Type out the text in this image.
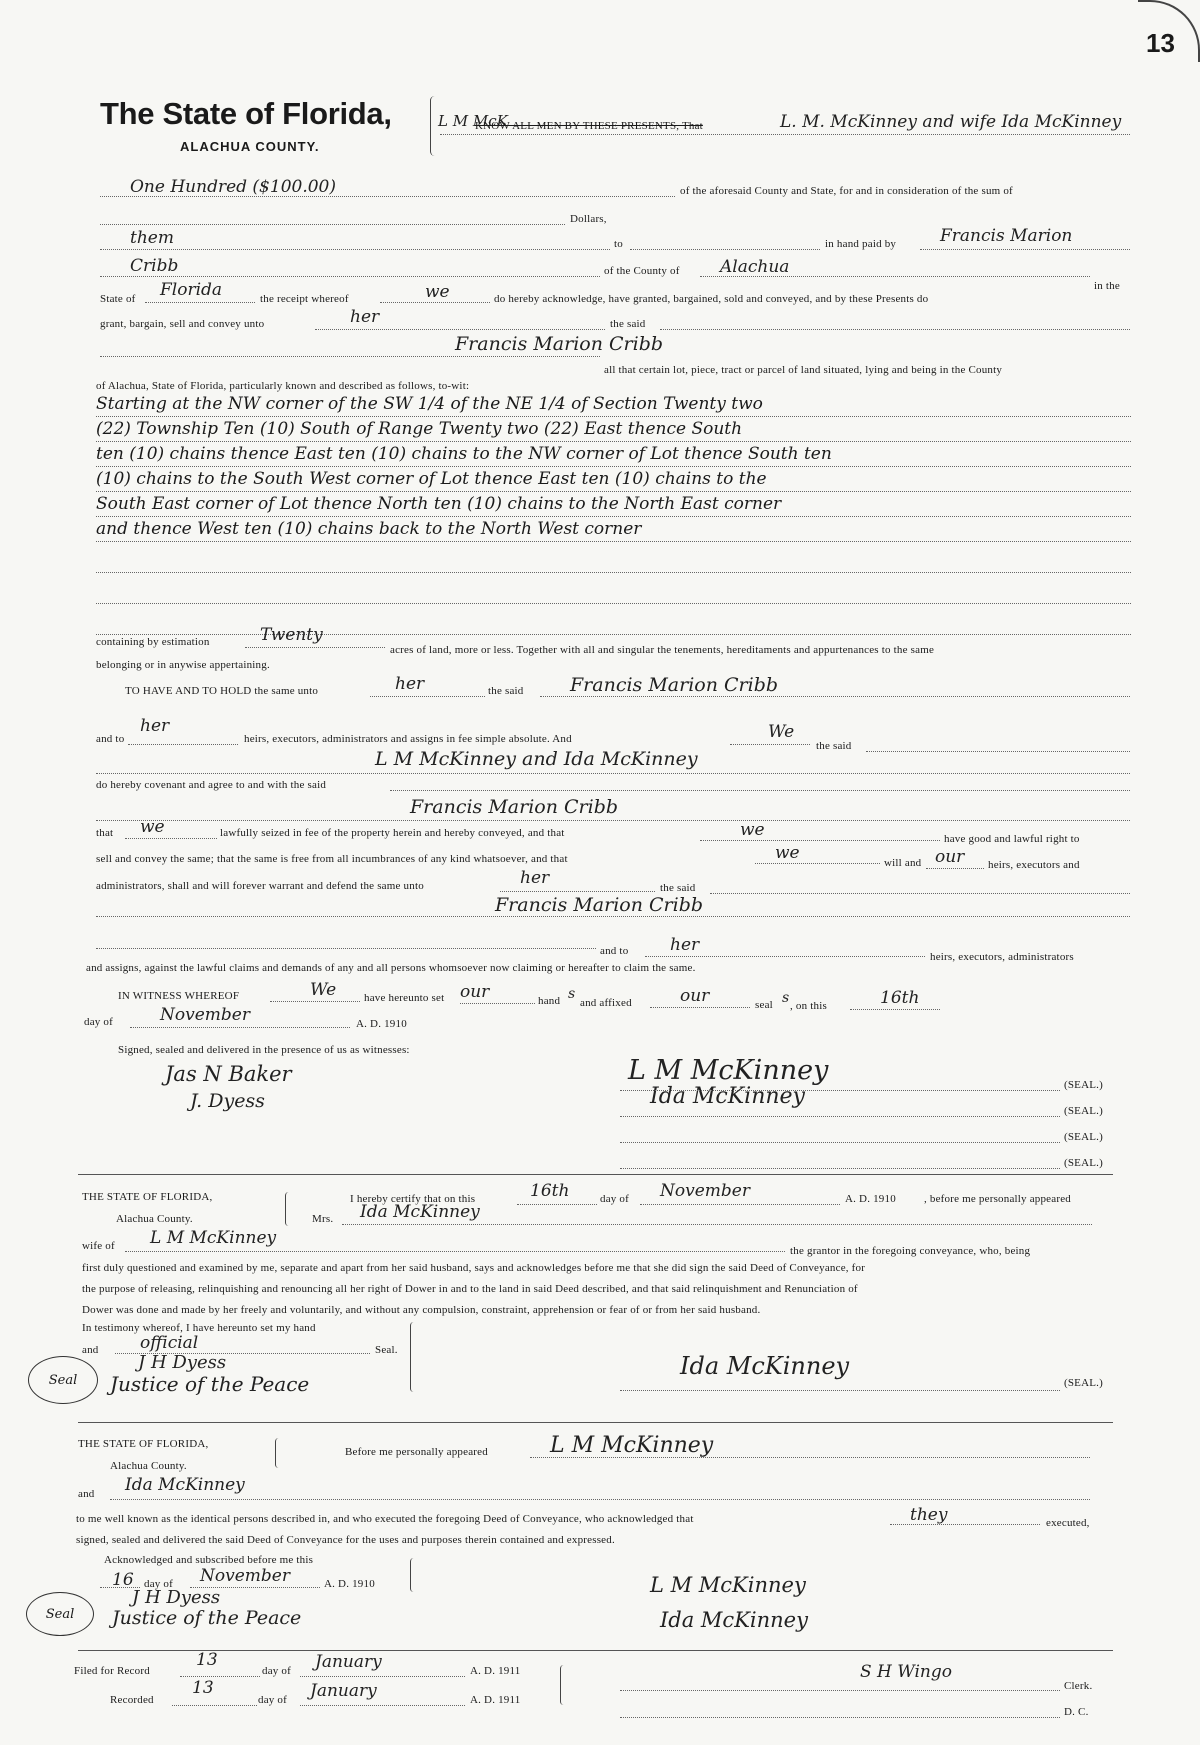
13
The State of Florida,
ALACHUA COUNTY.
L M McK
KNOW ALL MEN BY THESE PRESENTS, That	L. M. McKinney and wife Ida McKinney
One Hundred ($100.00)	of the aforesaid County and State, for and in consideration of the sum of
Dollars,
them	to	in hand paid by	Francis Marion
Cribb	of the County of Alachua
in the
State of Florida	the receipt whereof	we	do hereby acknowledge, have granted, bargained, sold and conveyed, and by these Presents do
grant, bargain, sell and convey unto	her	the said
Francis Marion Cribb
all that certain lot, piece, tract or parcel of land situated, lying and being in the County
of Alachua, State of Florida, particularly known and described as follows, to-wit:
Starting at the NW corner of the SW 1/4 of the NE 1/4 of Section Twenty two
(22) Township Ten (10) South of Range Twenty two (22) East thence South
ten (10) chains thence East ten (10) chains to the NW corner of Lot thence South ten
(10) chains to the South West corner of Lot thence East ten (10) chains to the
South East corner of Lot thence North ten (10) chains to the North East corner
and thence West ten (10) chains back to the North West corner
containing by estimation	Twenty
acres of land, more or less. Together with all and singular the tenements, hereditaments and appurtenances to the same
belonging or in anywise appertaining.
TO HAVE AND TO HOLD the same unto	her	the said Francis Marion Cribb
and to
her
heirs, executors, administrators and assigns in fee simple absolute. And	We
the said
L M McKinney and Ida McKinney
do hereby covenant and agree to and with the said
Francis Marion Cribb
that we	lawfully seized in fee of the property herein and hereby conveyed, and that	we	have good and lawful right to
sell and convey the same; that the same is free from all incumbrances of any kind whatsoever, and that	we	will and our heirs, executors and
administrators, shall and will forever warrant and defend the same unto	her	the said
Francis Marion Cribb
and to her
heirs, executors, administrators
and assigns, against the lawful claims and demands of any and all persons whomsoever now claiming or hereafter to claim the same.
IN WITNESS WHEREOF	We	have hereunto set our	hand s
and affixed	our	seal s , on this	16th
day of	November	A. D. 1910
Signed, sealed and delivered in the presence of us as witnesses:
Jas N Baker
J. Dyess
L M McKinney
Ida McKinney	(SEAL.)
(SEAL.)
(SEAL.)
(SEAL.)
THE STATE OF FLORIDA,
Alachua County.
I hereby certify that on this	16th	day of November	A. D. 1910	, before me personally appeared
Mrs. Ida McKinney
wife of L M McKinney
the grantor in the foregoing conveyance, who, being
first duly questioned and examined by me, separate and apart from her said husband, says and acknowledges before me that she did sign the said Deed of Conveyance, for
the purpose of releasing, relinquishing and renouncing all her right of Dower in and to the land in said Deed described, and that said relinquishment and Renunciation of
Dower was done and made by her freely and voluntarily, and without any compulsion, constraint, apprehension or fear of or from her said husband.
In testimony whereof, I have hereunto set my hand
and official	Seal.
J H Dyess
Justice of the Peace
Seal	Ida McKinney
(SEAL.)
THE STATE OF FLORIDA,
Alachua County.
Before me personally appeared	L M McKinney
and Ida McKinney
to me well known as the identical persons described in, and who executed the foregoing Deed of Conveyance, who acknowledged that	they	executed,
signed, sealed and delivered the said Deed of Conveyance for the uses and purposes therein contained and expressed.
Acknowledged and subscribed before me this
16 day of November	A. D. 1910
J H Dyess
Justice of the Peace
Seal
L M McKinney
Ida McKinney
Filed for Record
13
day of January	A. D. 1911
Recorded
13
day of January	A. D. 1911
S H Wingo
Clerk.
D. C.
